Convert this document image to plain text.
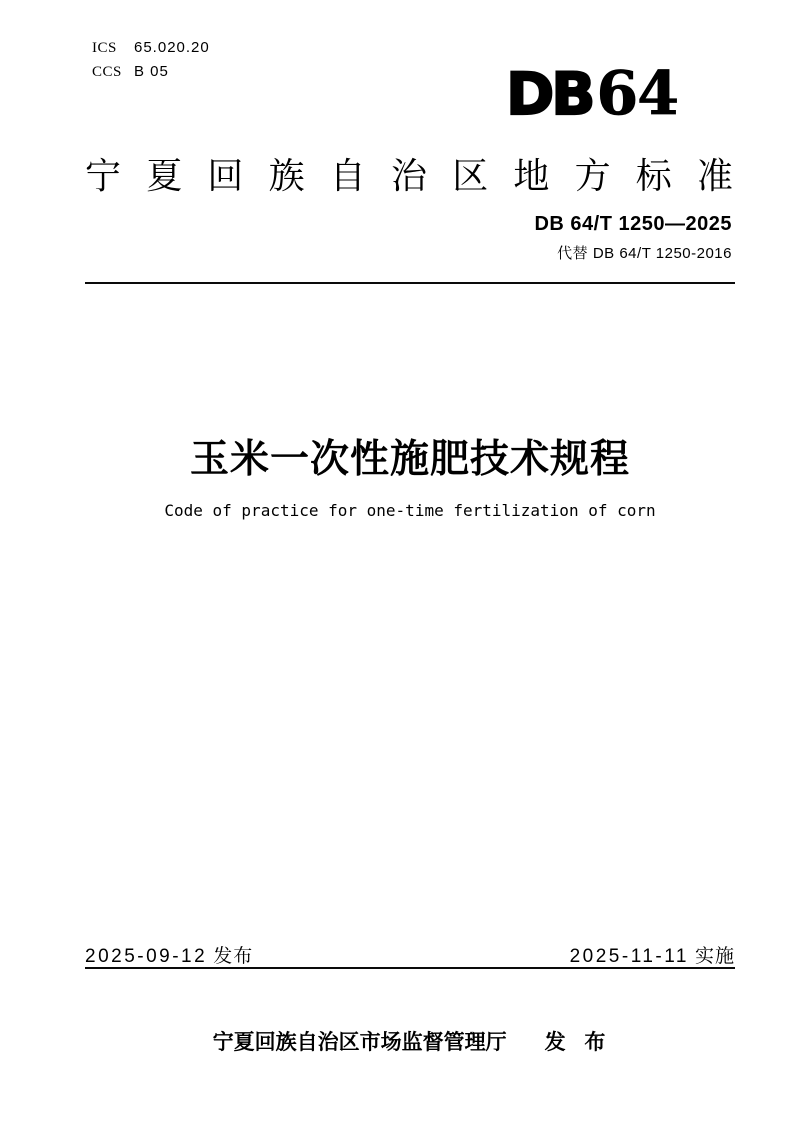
ICS 65.020.20
CCS B 05	DB64
宁夏回族自治区地方标准
DB 64/T 1250—2025
代替 DB 64/T 1250-2016
玉米一次性施肥技术规程
Code of practice for one-time fertilization of corn
2025-09-12 发布	2025-11-11 实施
宁夏回族自治区市场监督管理厅 发 布
